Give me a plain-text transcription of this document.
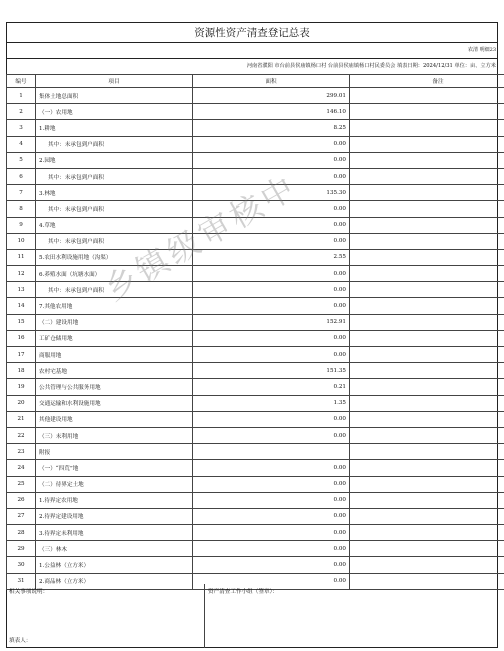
资源性资产清查登记总表
农清 明细23
河南省濮阳 市台前县侯庙镇杨口村 台前县侯庙镇杨口村民委员会 填表日期：2024/12/31 单位：亩、立方米
编号	项目	面积	备注
1	集体土地总面积	299.01	
2	（一）农用地	146.10	
3	1.耕地	8.25	
4	其中：未承包到户面积	0.00	
5	2.园地	0.00	
6	其中：未承包到户面积	0.00	
7	3.林地	135.30	
8	其中：未承包到户面积	0.00	
9	4.草地	0.00	
10	其中：未承包到户面积	0.00	
11	5.农田水利设施用地（沟渠）	2.55	
12	6.养殖水面（坑塘水面）	0.00	
13	其中：未承包到户面积	0.00	
14	7.其他农用地	0.00	
15	（二）建设用地	152.91	
16	工矿仓储用地	0.00	
17	商服用地	0.00	
18	农村宅基地	151.35	
19	公共管理与公共服务用地	0.21	
20	交通运输和水利设施用地	1.35	
21	其他建设用地	0.00	
22	（三）未利用地	0.00	
23	附报		
24	（一）“四荒”地	0.00	
25	（二）待界定土地	0.00	
26	1.待界定农用地	0.00	
27	2.待界定建设用地	0.00	
28	3.待界定未利用地	0.00	
29	（三）林木	0.00	
30	1.公益林（立方米）	0.00	
31	2.商品林（立方米）	0.00	
相关事项说明：
填表人：
资产清查工作小组（签章）：
乡镇级审核中
